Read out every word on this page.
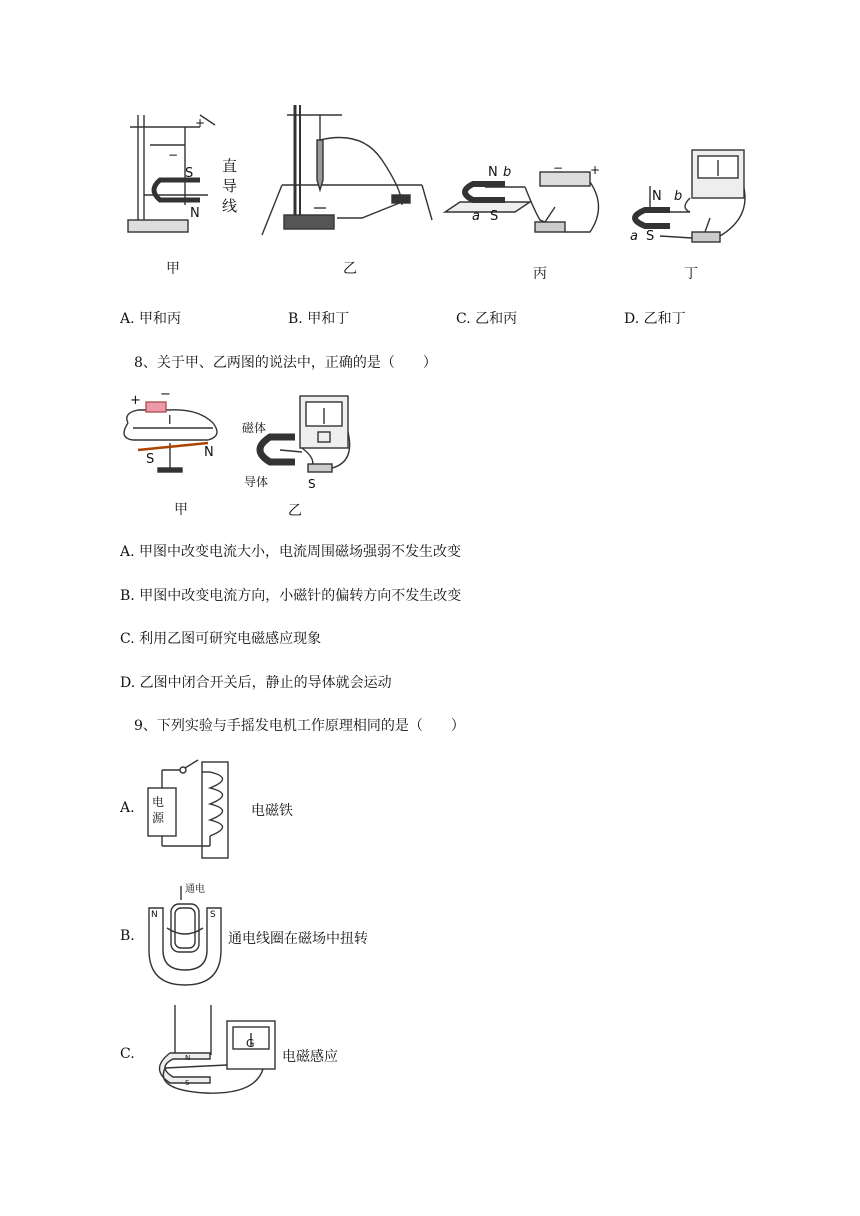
+
−
S
N
直
导
线
甲	乙
N b
a S
− +
丙
N b
a S
丁
A. 甲和丙	B. 甲和丁	C. 乙和丙	D. 乙和丁
8、关于甲、乙两图的说法中，正确的是（　　）
+ −
I
S	N
甲
磁体
导体	S
乙
A. 甲图中改变电流大小，电流周围磁场强弱不发生改变
B. 甲图中改变电流方向，小磁针的偏转方向不发生改变
C. 利用乙图可研究电磁感应现象
D. 乙图中闭合开关后，静止的导体就会运动
9、下列实验与手摇发电机工作原理相同的是（　　）
A. 电
源	电磁铁
B.
N	S
通电
通电线圈在磁场中扭转
C.
G
N
S
电磁感应
